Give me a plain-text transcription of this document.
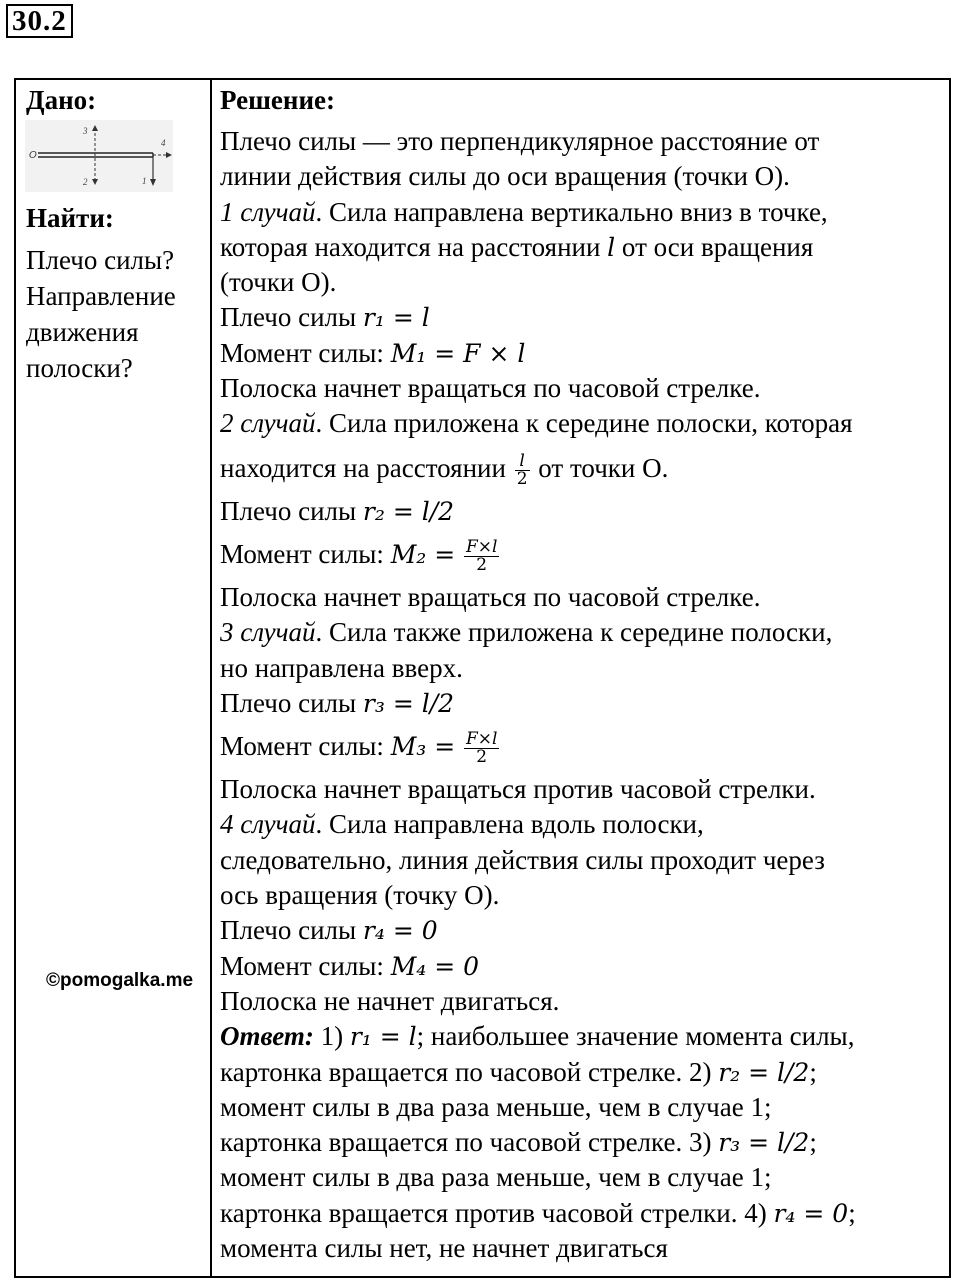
30.2
Дано:
O
3
2	1
4
Найти:
Плечо силы?
Направление
движения
полоски?
©pomogalka.me
Решение:
Плечо силы — это перпендикулярное расстояние от
линии действия силы до оси вращения (точки O).
1 случай. Сила направлена вертикально вниз в точке,
которая находится на расстоянии l от оси вращения
(точки O).
Плечо силы r₁ = l
Момент силы: M₁ = F × l
Полоска начнет вращаться по часовой стрелке.
2 случай. Сила приложена к середине полоски, которая
находится на расстоянии $\frac{l}{2}$ от точки O.
Плечо силы r₂ = l/2
Момент силы: $M_2 = \frac{F\times l}{2}$
Полоска начнет вращаться по часовой стрелке.
3 случай. Сила также приложена к середине полоски,
но направлена вверх.
Плечо силы r₃ = l/2
Момент силы: $M_3 = \frac{F\times l}{2}$
Полоска начнет вращаться против часовой стрелки.
4 случай. Сила направлена вдоль полоски,
следовательно, линия действия силы проходит через
ось вращения (точку O).
Плечо силы r₄ = 0
Момент силы: M₄ = 0
Полоска не начнет двигаться.
Ответ: 1) r₁ = l; наибольшее значение момента силы,
картонка вращается по часовой стрелке. 2) r₂ = l/2;
момент силы в два раза меньше, чем в случае 1;
картонка вращается по часовой стрелке. 3) r₃ = l/2;
момент силы в два раза меньше, чем в случае 1;
картонка вращается против часовой стрелки. 4) r₄ = 0;
момента силы нет, не начнет двигаться
